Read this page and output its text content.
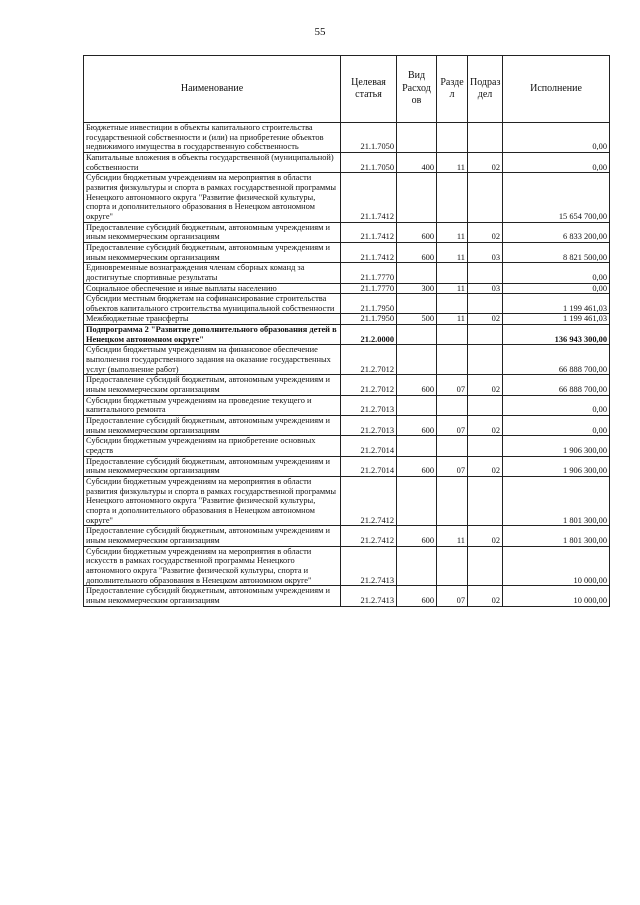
55
Наименование	Целевая статья	Вид Расход ов	Разде л	Подраз дел	Исполнение
Бюджетные инвестиции в объекты капитального строительства государственной собственности и (или) на приобретение объектов недвижимого имущества в государственную собственность	21.1.7050				0,00
Капитальные вложения в объекты государственной (муниципальной) собственности	21.1.7050	400	11	02	0,00
Субсидии бюджетным учреждениям на мероприятия в области развития физкультуры и спорта в рамках государственной программы Ненецкого автономного округа "Развитие физической культуры, спорта и дополнительного образования в Ненецком автономном округе"	21.1.7412				15 654 700,00
Предоставление субсидий бюджетным, автономным учреждениям и иным некоммерческим организациям	21.1.7412	600	11	02	6 833 200,00
Предоставление субсидий бюджетным, автономным учреждениям и иным некоммерческим организациям	21.1.7412	600	11	03	8 821 500,00
Единовременные вознаграждения членам сборных команд за достигнутые спортивные результаты	21.1.7770				0,00
Социальное обеспечение и иные выплаты населению	21.1.7770	300	11	03	0,00
Субсидии местным бюджетам на софинансирование строительства объектов капитального строительства муниципальной собственности	21.1.7950				1 199 461,03
Межбюджетные трансферты	21.1.7950	500	11	02	1 199 461,03
Подпрограмма 2 "Развитие дополнительного образования детей в Ненецком автономном округе"	21.2.0000				136 943 300,00
Субсидии бюджетным учреждениям на финансовое обеспечение выполнения государственного задания на оказание государственных услуг (выполнение работ)	21.2.7012				66 888 700,00
Предоставление субсидий бюджетным, автономным учреждениям и иным некоммерческим организациям	21.2.7012	600	07	02	66 888 700,00
Субсидии бюджетным учреждениям на проведение текущего и капитального ремонта	21.2.7013				0,00
Предоставление субсидий бюджетным, автономным учреждениям и иным некоммерческим организациям	21.2.7013	600	07	02	0,00
Субсидии бюджетным учреждениям на приобретение основных средств	21.2.7014				1 906 300,00
Предоставление субсидий бюджетным, автономным учреждениям и иным некоммерческим организациям	21.2.7014	600	07	02	1 906 300,00
Субсидии бюджетным учреждениям на мероприятия в области развития физкультуры и спорта в рамках государственной программы Ненецкого автономного округа "Развитие физической культуры, спорта и дополнительного образования в Ненецком автономном округе"	21.2.7412				1 801 300,00
Предоставление субсидий бюджетным, автономным учреждениям и иным некоммерческим организациям	21.2.7412	600	11	02	1 801 300,00
Субсидии бюджетным учреждениям на мероприятия в области искусств в рамках государственной программы Ненецкого автономного округа "Развитие физической культуры, спорта и дополнительного образования в Ненецком автономном округе"	21.2.7413				10 000,00
Предоставление субсидий бюджетным, автономным учреждениям и иным некоммерческим организациям	21.2.7413	600	07	02	10 000,00
